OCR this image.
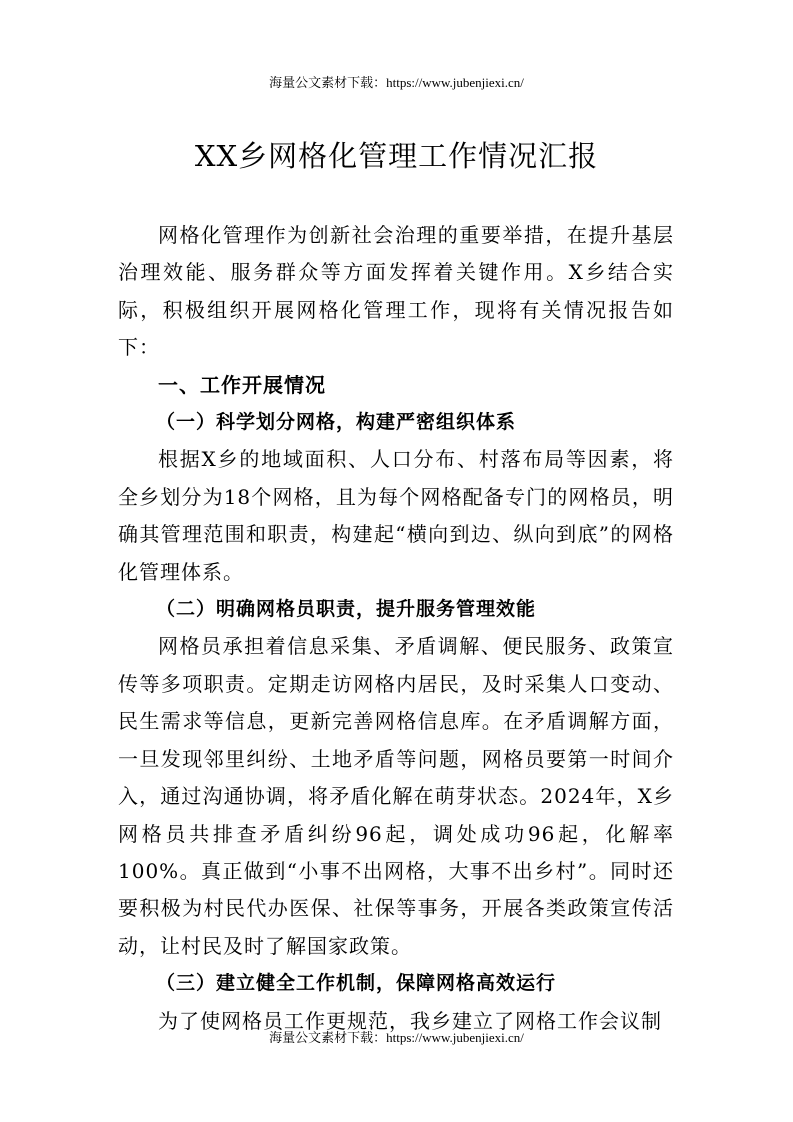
海量公文素材下载：https://www.jubenjiexi.cn/
XX乡网格化管理工作情况汇报

网格化管理作为创新社会治理的重要举措，在提升基层治理效能、服务群众等方面发挥着关键作用。X乡结合实际，积极组织开展网格化管理工作，现将有关情况报告如下：

一、工作开展情况
（一）科学划分网格，构建严密组织体系

根据X乡的地域面积、人口分布、村落布局等因素，将全乡划分为18个网格，且为每个网格配备专门的网格员，明确其管理范围和职责，构建起“横向到边、纵向到底”的网格化管理体系。

（二）明确网格员职责，提升服务管理效能

网格员承担着信息采集、矛盾调解、便民服务、政策宣传等多项职责。定期走访网格内居民，及时采集人口变动、民生需求等信息，更新完善网格信息库。在矛盾调解方面，一旦发现邻里纠纷、土地矛盾等问题，网格员要第一时间介入，通过沟通协调，将矛盾化解在萌芽状态。2024年，X乡网格员共排查矛盾纠纷96起，调处成功96起，化解率100%。真正做到“小事不出网格，大事不出乡村”。同时还要积极为村民代办医保、社保等事务，开展各类政策宣传活动，让村民及时了解国家政策。

（三）建立健全工作机制，保障网格高效运行

为了使网格员工作更规范，我乡建立了网格工作会议制

海量公文素材下载：https://www.jubenjiexi.cn/
